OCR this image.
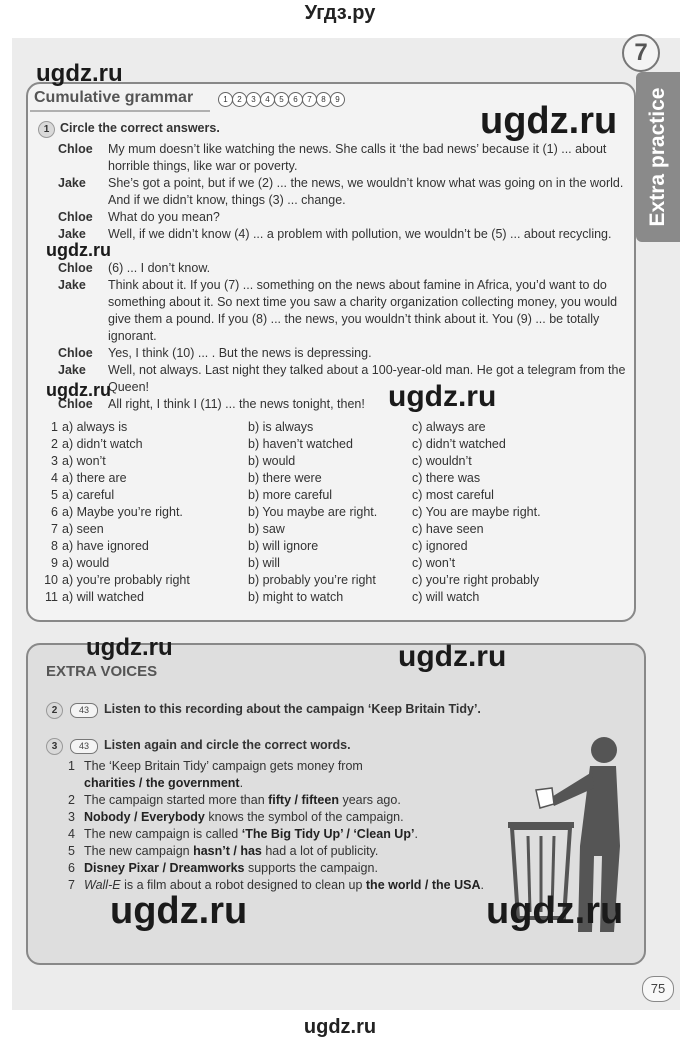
Угдз.ру
7
Extra practice
Cumulative grammar	1	2	3	4	5	6	7	8	9
1 Circle the correct answers.
Chloe	My mum doesn’t like watching the news. She calls it ‘the bad news’ because it (1) ... about horrible things, like war or poverty.
Jake	She’s got a point, but if we (2) ... the news, we wouldn’t know what was going on in the world. And if we didn’t know, things (3) ... change.
Chloe	What do you mean?
Jake	Well, if we didn’t know (4) ... a problem with pollution, we wouldn’t be (5) ... about recycling.
Chloe	(6) ... I don’t know.
Jake	Think about it. If you (7) ... something on the news about famine in Africa, you’d want to do something about it. So next time you saw a charity organization collecting money, you would give them a pound. If you (8) ... the news, you wouldn’t think about it. You (9) ... be totally ignorant.
Chloe	Yes, I think (10) ... . But the news is depressing.
Jake	Well, not always. Last night they talked about a 100-year-old man. He got a telegram from the Queen!
Chloe	All right, I think I (11) ... the news tonight, then!
1 a) always is	b) is always	c) always are
2 a) didn’t watch	b) haven’t watched	c) didn’t watched
3 a) won’t	b) would	c) wouldn’t
4 a) there are	b) there were	c) there was
5 a) careful	b) more careful	c) most careful
6 a) Maybe you’re right.	b) You maybe are right.	c) You are maybe right.
7 a) seen	b) saw	c) have seen
8 a) have ignored	b) will ignore	c) ignored
9 a) would	b) will	c) won’t
10 a) you’re probably right	b) probably you’re right	c) you’re right probably
11 a) will watched	b) might to watch	c) will watch
EXTRA VOICES
2	43	Listen to this recording about the campaign ‘Keep Britain Tidy’.
3	43	Listen again and circle the correct words.
1 The ‘Keep Britain Tidy’ campaign gets money from
charities / the government.
2 The campaign started more than fifty / fifteen years ago.
3 Nobody / Everybody knows the symbol of the campaign.
4 The new campaign is called ‘The Big Tidy Up’ / ‘Clean Up’.
5 The new campaign hasn’t / has had a lot of publicity.
6 Disney Pixar / Dreamworks supports the campaign.
7 Wall-E is a film about a robot designed to clean up the world / the USA.
75
ugdz.ru
ugdz.ru
ugdz.ru
ugdz.ru	ugdz.ru
ugdz.ru	ugdz.ru
ugdz.ru	ugdz.ru
ugdz.ru
